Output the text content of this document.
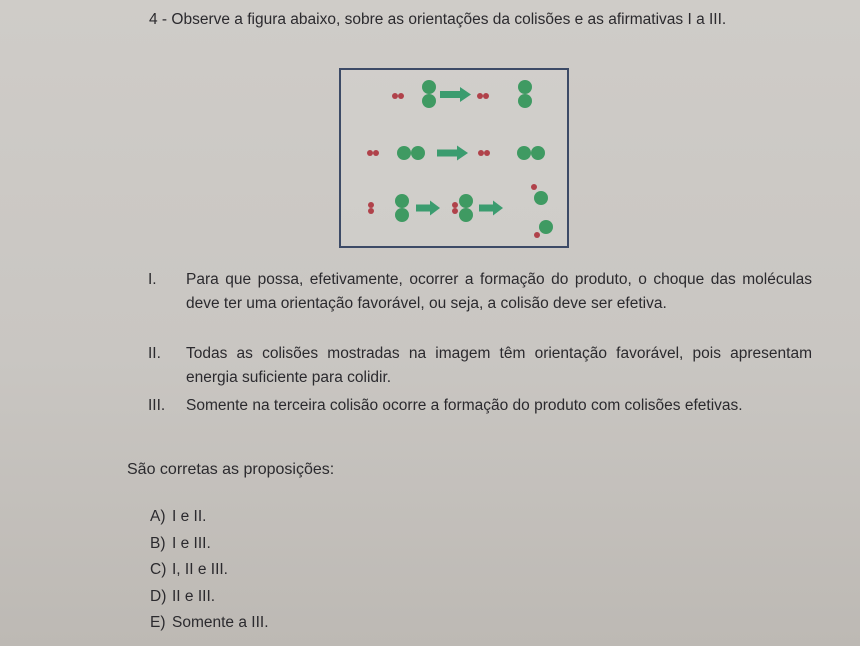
4 - Observe a figura abaixo, sobre as orientações da colisões e as afirmativas I a III.

I. Para que possa, efetivamente, ocorrer a formação do produto, o choque das moléculas deve ter uma orientação favorável, ou seja, a colisão deve ser efetiva.
II. Todas as colisões mostradas na imagem têm orientação favorável, pois apresentam energia suficiente para colidir.
III. Somente na terceira colisão ocorre a formação do produto com colisões efetivas.

São corretas as proposições:

A) I e II.
B) I e III.
C) I, II e III.
D) II e III.
E) Somente a III.
